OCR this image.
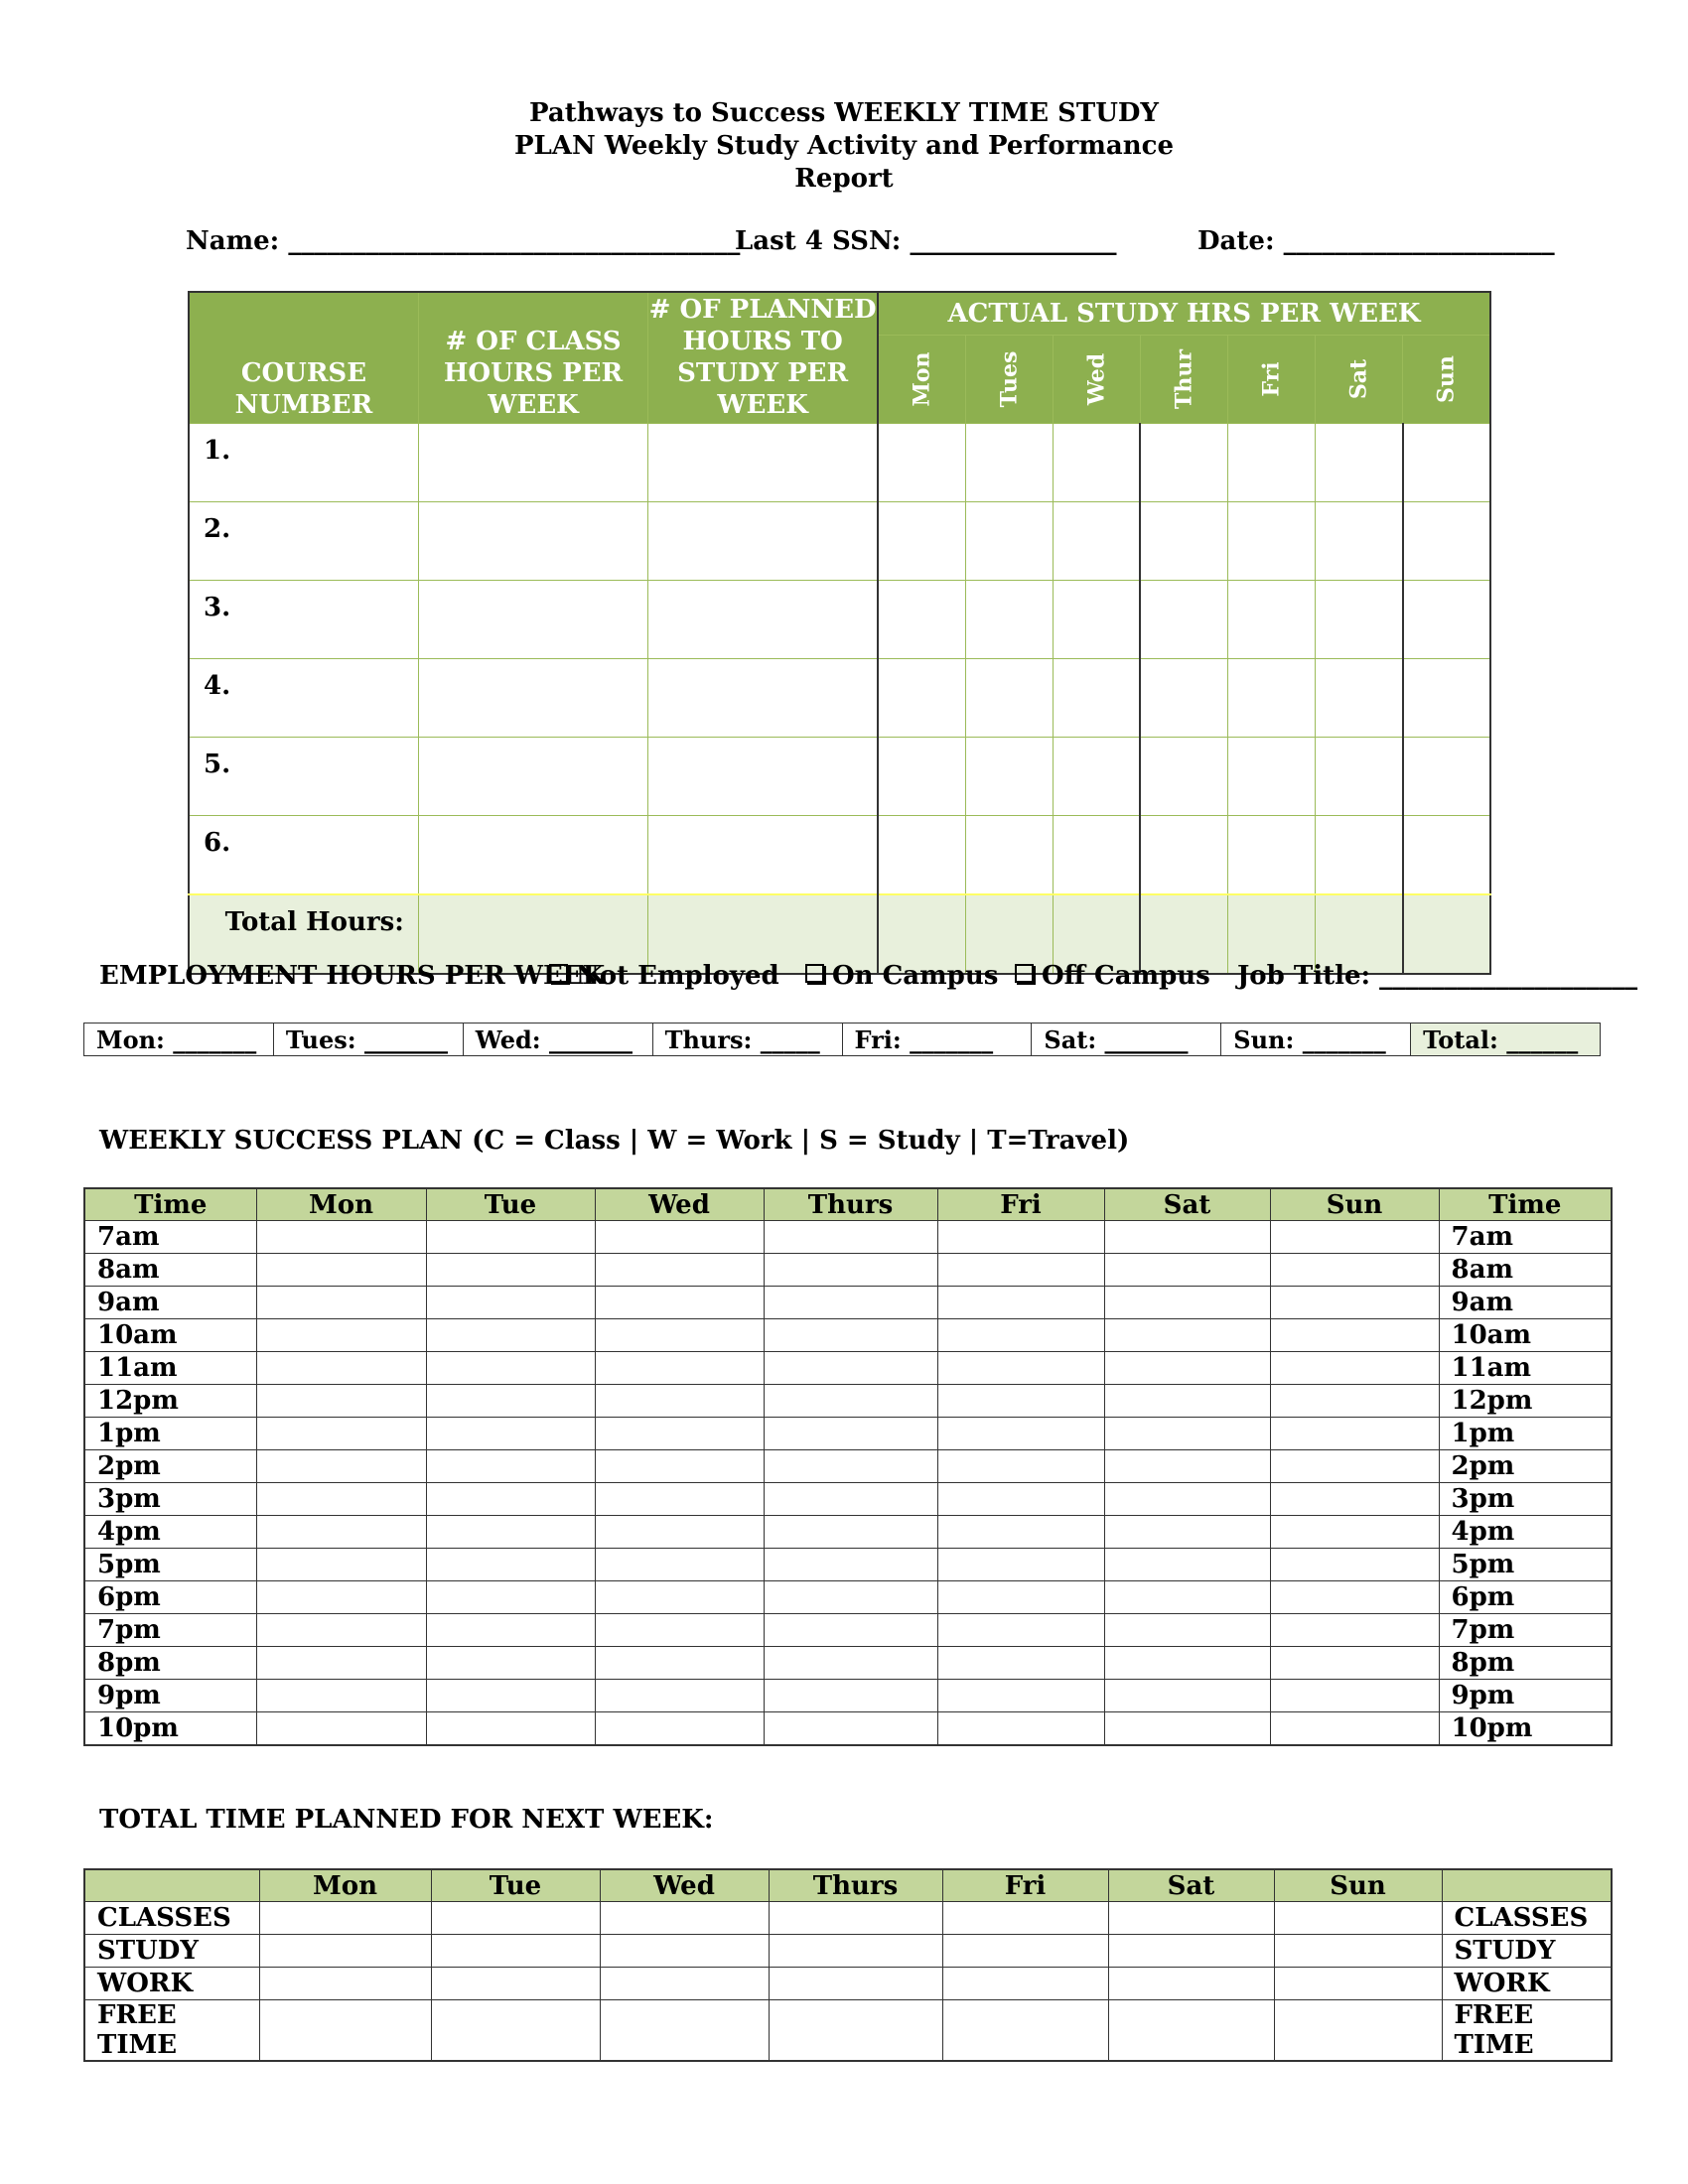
Pathways to Success WEEKLY TIME STUDY
PLAN Weekly Study Activity and Performance
Report
Name: ___________________________________
Last 4 SSN: ________________	Date: _____________________
COURSE NUMBER	# OF CLASS HOURS PER WEEK	# OF PLANNED HOURS TO STUDY PER WEEK	ACTUAL STUDY HRS PER WEEK						

			Mon	Tues	Wed	Thur	Fri	Sat	Sun

1.									
2.									
3.									
4.									
5.									
6.									
Total Hours:									
EMPLOYMENT HOURS PER WEEK
Not Employed	On Campus	Off Campus Job Title: ____________________
Mon: _______	Tues: _______	Wed: _______	Thurs: _____	Fri: _______	Sat: _______	Sun: _______	Total: ______
WEEKLY SUCCESS PLAN (C = Class | W = Work | S = Study | T=Travel)
Time	Mon	Tue	Wed	Thurs	Fri	Sat	Sun	Time
7am								7am
8am								8am
9am								9am
10am								10am
11am								11am
12pm								12pm
1pm								1pm
2pm								2pm
3pm								3pm
4pm								4pm
5pm								5pm
6pm								6pm
7pm								7pm
8pm								8pm
9pm								9pm
10pm								10pm
TOTAL TIME PLANNED FOR NEXT WEEK:
	Mon	Tue	Wed	Thurs	Fri	Sat	Sun	
CLASSES								CLASSES
STUDY								STUDY
WORK								WORK
FREE TIME								FREE TIME
